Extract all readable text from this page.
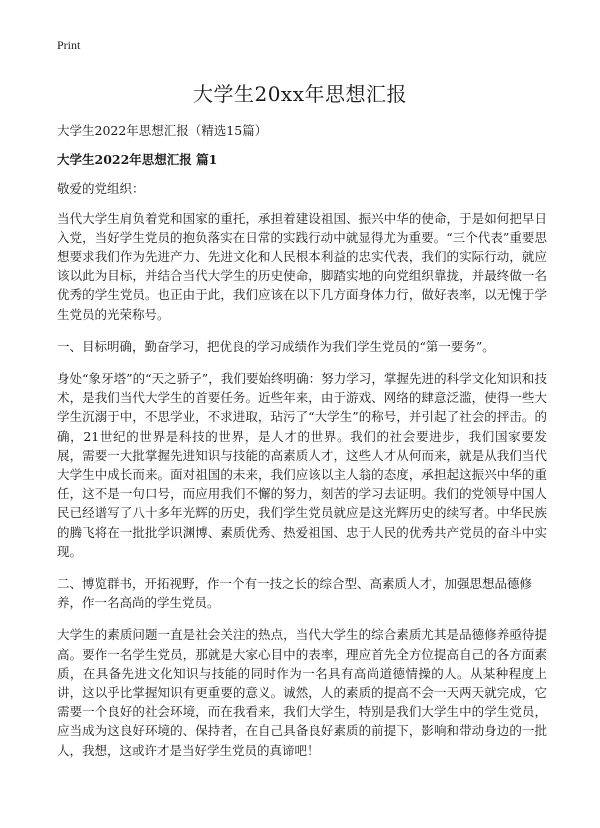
Print
大学生20xx年思想汇报

大学生2022年思想汇报（精选15篇）

大学生2022年思想汇报 篇1

敬爱的党组织：

当代大学生肩负着党和国家的重托，承担着建设祖国、振兴中华的使命，于是如何把早日入党，当好学生党员的抱负落实在日常的实践行动中就显得尤为重要。“三个代表”重要思想要求我们作为先进产力、先进文化和人民根本利益的忠实代表，我们的实际行动，就应该以此为目标，并结合当代大学生的历史使命，脚踏实地的向党组织靠拢，并最终做一名优秀的学生党员。也正由于此，我们应该在以下几方面身体力行，做好表率，以无愧于学生党员的光荣称号。

一、目标明确，勤奋学习，把优良的学习成绩作为我们学生党员的“第一要务”。

身处“象牙塔”的“天之骄子”，我们要始终明确：努力学习，掌握先进的科学文化知识和技术，是我们当代大学生的首要任务。近些年来，由于游戏、网络的肆意泛滥，使得一些大学生沉溺于中，不思学业，不求进取，玷污了“大学生”的称号，并引起了社会的抨击。的确，21世纪的世界是科技的世界，是人才的世界。我们的社会要进步，我们国家要发展，需要一大批掌握先进知识与技能的高素质人才，这些人才从何而来，就是从我们当代大学生中成长而来。面对祖国的未来，我们应该以主人翁的态度，承担起这振兴中华的重任，这不是一句口号，而应用我们不懈的努力，刻苦的学习去证明。我们的党领导中国人民已经谱写了八十多年光辉的历史，我们学生党员就应是这光辉历史的续写者。中华民族的腾飞将在一批批学识渊博、素质优秀、热爱祖国、忠于人民的优秀共产党员的奋斗中实现。

二、博览群书，开拓视野，作一个有一技之长的综合型、高素质人才，加强思想品德修养，作一名高尚的学生党员。

大学生的素质问题一直是社会关注的热点，当代大学生的综合素质尤其是品德修养亟待提高。要作一名学生党员，那就是大家心目中的表率，理应首先全方位提高自己的各方面素质，在具备先进文化知识与技能的同时作为一名具有高尚道德情操的人。从某种程度上讲，这以乎比掌握知识有更重要的意义。诚然，人的素质的提高不会一天两天就完成，它需要一个良好的社会环境，而在我看来，我们大学生，特别是我们大学生中的学生党员，应当成为这良好环境的、保持者，在自己具备良好素质的前提下，影响和带动身边的一批人，我想，这或许才是当好学生党员的真谛吧！
